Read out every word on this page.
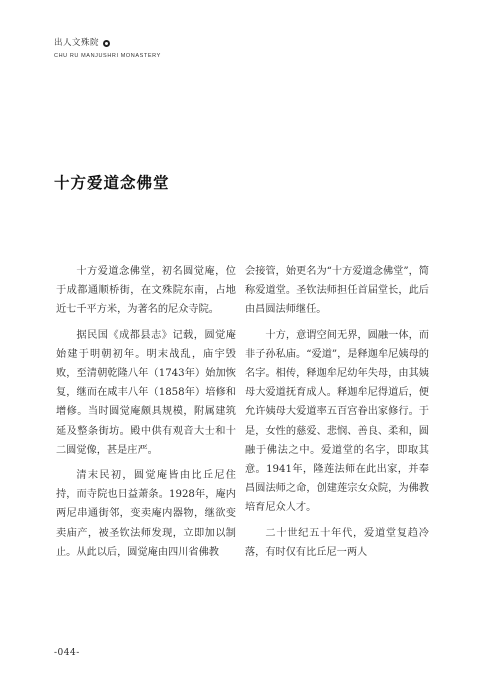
出人文殊院
CHU RU MANJUSHRI MONASTERY
十方爱道念佛堂

十方爱道念佛堂，初名圆觉庵，位于成都通顺桥街，在文殊院东南，占地近七千平方米，为著名的尼众寺院。

据民国《成都县志》记载，圆觉庵始建于明朝初年。明末战乱，庙宇毁败，至清朝乾隆八年（1743年）始加恢复，继而在咸丰八年（1858年）培修和增修。当时圆觉庵颇具规模，附属建筑延及整条街坊。殿中供有观音大士和十二圆觉像，甚是庄严。

清末民初，圆觉庵皆由比丘尼住持，而寺院也日益萧条。1928年，庵内两尼串通街邻，变卖庵内器物，继欲变卖庙产，被圣钦法师发现，立即加以制止。从此以后，圆觉庵由四川省佛教

会接管，始更名为“十方爱道念佛堂”，简称爱道堂。圣钦法师担任首届堂长，此后由昌圆法师继任。

十方，意谓空间无界，圆融一体，而非子孙私庙。“爱道”，是释迦牟尼姨母的名字。相传，释迦牟尼幼年失母，由其姨母大爱道抚育成人。释迦牟尼得道后，便允许姨母大爱道率五百宫眷出家修行。于是，女性的慈爱、悲悯、善良、柔和，圆融于佛法之中。爱道堂的名字，即取其意。1941年，隆莲法师在此出家，并奉昌圆法师之命，创建莲宗女众院，为佛教培育尼众人才。

二十世纪五十年代，爱道堂复趋冷落，有时仅有比丘尼一两人

-044-
